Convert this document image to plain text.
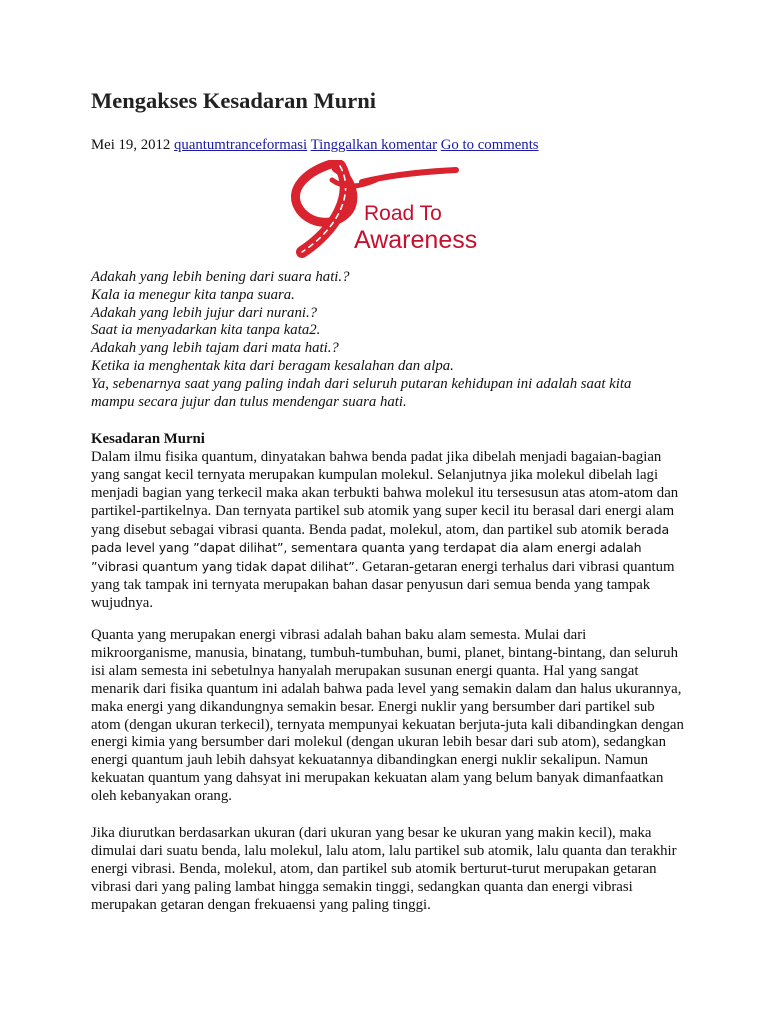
Mengakses Kesadaran Murni
Mei 19, 2012 quantumtranceformasi Tinggalkan komentar Go to comments
Road To
Awareness
Adakah yang lebih bening dari suara hati.?
Kala ia menegur kita tanpa suara.
Adakah yang lebih jujur dari nurani.?
Saat ia menyadarkan kita tanpa kata2.
Adakah yang lebih tajam dari mata hati.?
Ketika ia menghentak kita dari beragam kesalahan dan alpa.
Ya, sebenarnya saat yang paling indah dari seluruh putaran kehidupan ini adalah saat kita
mampu secara jujur dan tulus mendengar suara hati.
Kesadaran Murni

Dalam ilmu fisika quantum, dinyatakan bahwa benda padat jika dibelah menjadi bagaian-bagian yang sangat kecil ternyata merupakan kumpulan molekul. Selanjutnya jika molekul dibelah lagi menjadi bagian yang terkecil maka akan terbukti bahwa molekul itu tersesusun atas atom-atom dan partikel-partikelnya. Dan ternyata partikel sub atomik yang super kecil itu berasal dari energi alam yang disebut sebagai vibrasi quanta. Benda padat, molekul, atom, dan partikel sub atomik berada pada level yang ”dapat dilihat”, sementara quanta yang terdapat dia alam energi adalah ”vibrasi quantum yang tidak dapat dilihat”. Getaran-getaran energi terhalus dari vibrasi quantum yang tak tampak ini ternyata merupakan bahan dasar penyusun dari semua benda yang tampak wujudnya.

Quanta yang merupakan energi vibrasi adalah bahan baku alam semesta. Mulai dari mikroorganisme, manusia, binatang, tumbuh-tumbuhan, bumi, planet, bintang-bintang, dan seluruh isi alam semesta ini sebetulnya hanyalah merupakan susunan energi quanta. Hal yang sangat menarik dari fisika quantum ini adalah bahwa pada level yang semakin dalam dan halus ukurannya, maka energi yang dikandungnya semakin besar. Energi nuklir yang bersumber dari partikel sub atom (dengan ukuran terkecil), ternyata mempunyai kekuatan berjuta-juta kali dibandingkan dengan energi kimia yang bersumber dari molekul (dengan ukuran lebih besar dari sub atom), sedangkan energi quantum jauh lebih dahsyat kekuatannya dibandingkan energi nuklir sekalipun. Namun kekuatan quantum yang dahsyat ini merupakan kekuatan alam yang belum banyak dimanfaatkan oleh kebanyakan orang.

Jika diurutkan berdasarkan ukuran (dari ukuran yang besar ke ukuran yang makin kecil), maka dimulai dari suatu benda, lalu molekul, lalu atom, lalu partikel sub atomik, lalu quanta dan terakhir energi vibrasi. Benda, molekul, atom, dan partikel sub atomik berturut-turut merupakan getaran vibrasi dari yang paling lambat hingga semakin tinggi, sedangkan quanta dan energi vibrasi merupakan getaran dengan frekuaensi yang paling tinggi.
